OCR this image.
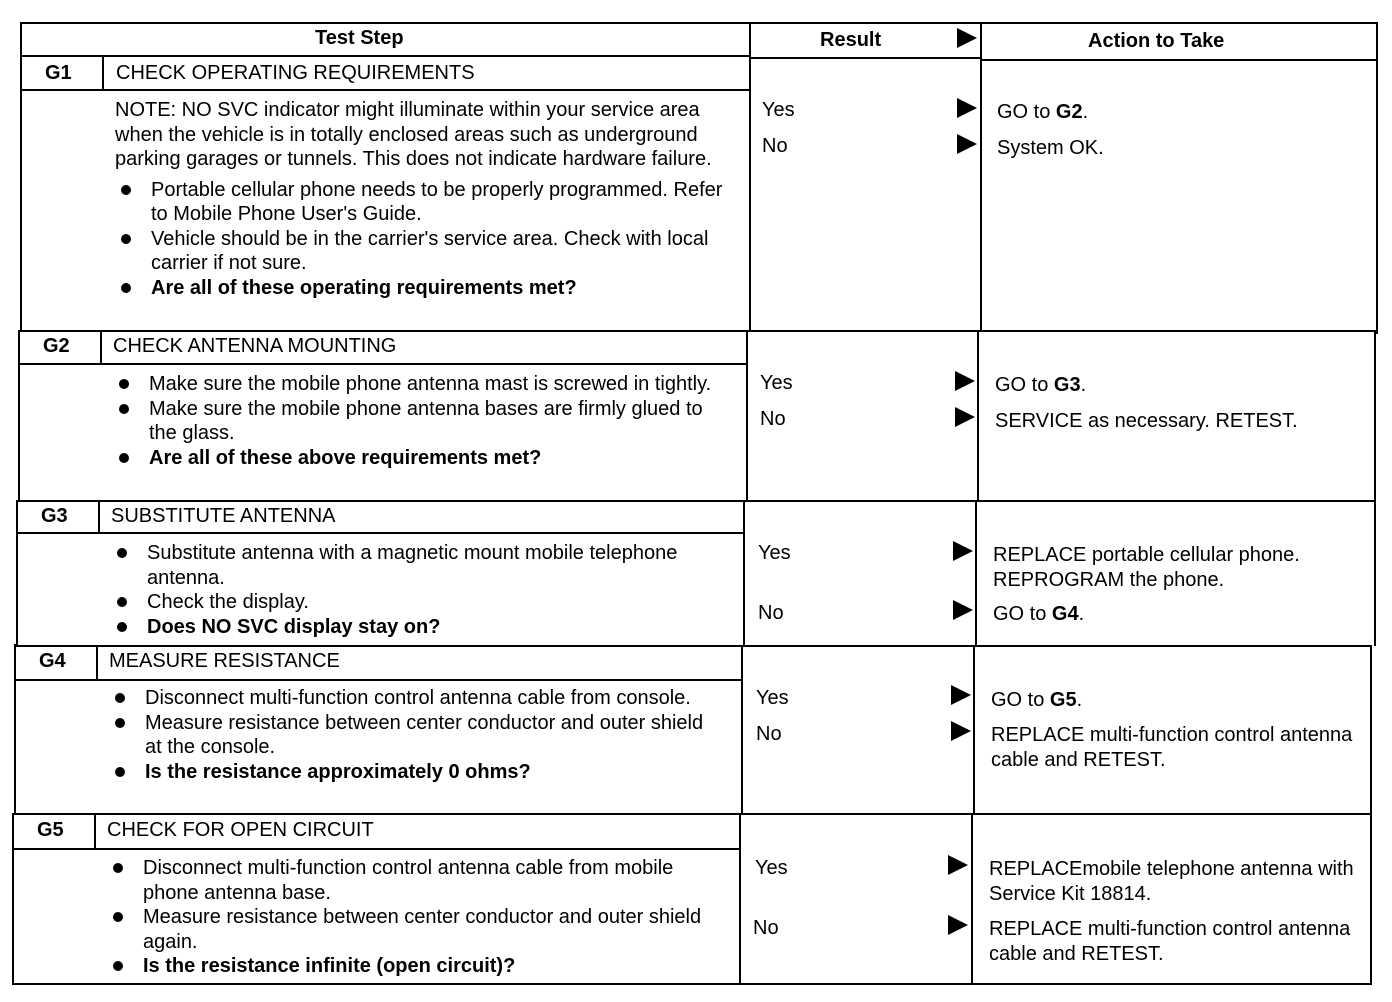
Test Step	Result	Action to Take
G1 CHECK OPERATING REQUIREMENTS

NOTE: NO SVC indicator might illuminate within your service area when the vehicle is in totally enclosed areas such as underground parking garages or tunnels. This does not indicate hardware failure.

Portable cellular phone needs to be properly programmed. Refer to Mobile Phone User's Guide.
Vehicle should be in the carrier's service area. Check with local carrier if not sure.
Are all of these operating requirements met?
Yes
No
GO to G2.
System OK.
G2 CHECK ANTENNA MOUNTING
Make sure the mobile phone antenna mast is screwed in tightly.
Make sure the mobile phone antenna bases are firmly glued to the glass.
Are all of these above requirements met?
Yes
No
GO to G3.
SERVICE as necessary. RETEST.
G3 SUBSTITUTE ANTENNA
Substitute antenna with a magnetic mount mobile telephone antenna.
Check the display.
Does NO SVC display stay on?
Yes
No
REPLACE portable cellular phone. REPROGRAM the phone.
GO to G4.
G4 MEASURE RESISTANCE
Disconnect multi-function control antenna cable from console.
Measure resistance between center conductor and outer shield at the console.
Is the resistance approximately 0 ohms?
Yes
No
GO to G5.
REPLACE multi-function control antenna cable and RETEST.
G5 CHECK FOR OPEN CIRCUIT
Disconnect multi-function control antenna cable from mobile phone antenna base.
Measure resistance between center conductor and outer shield again.
Is the resistance infinite (open circuit)?
Yes
No
REPLACEmobile telephone antenna with Service Kit 18814.
REPLACE multi-function control antenna cable and RETEST.
